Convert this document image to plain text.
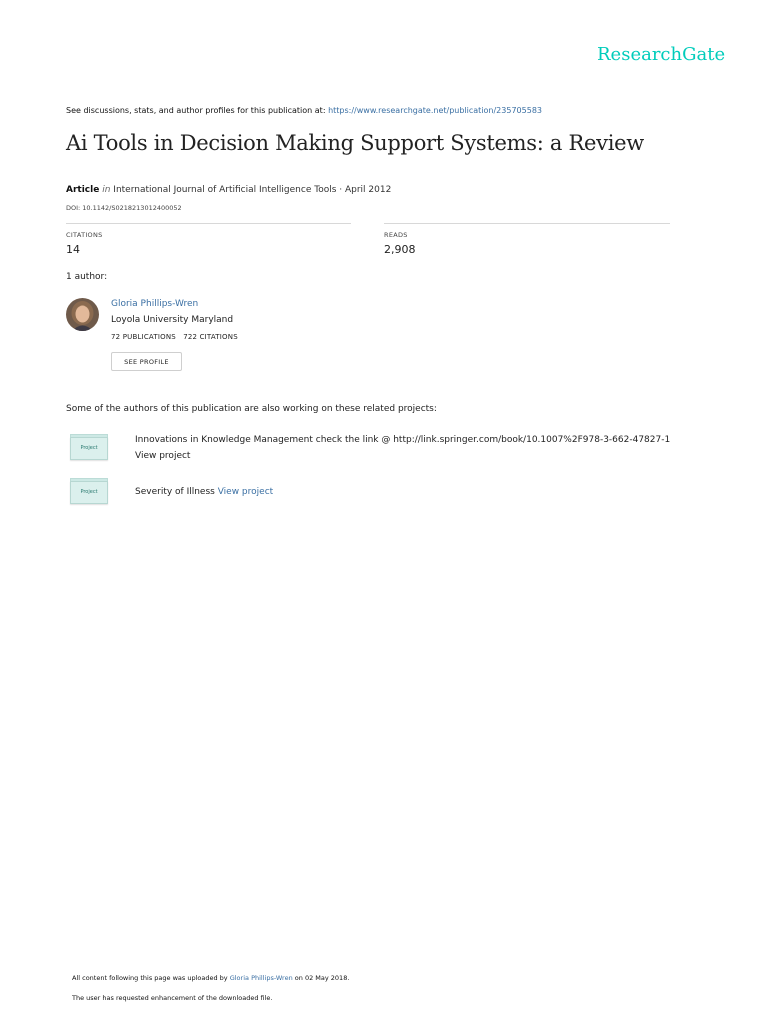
ResearchGate
See discussions, stats, and author profiles for this publication at: https://www.researchgate.net/publication/235705583
Ai Tools in Decision Making Support Systems: a Review
Article in International Journal of Artificial Intelligence Tools · April 2012
DOI: 10.1142/S0218213012400052
CITATIONS
14
READS
2,908
1 author:
Gloria Phillips-Wren
Loyola University Maryland
72 PUBLICATIONS 722 CITATIONS
SEE PROFILE
Some of the authors of this publication are also working on these related projects:
Project
Innovations in Knowledge Management check the link @ http://link.springer.com/book/10.1007%2F978-3-662-47827-1
View project
Project	Severity of Illness View project
All content following this page was uploaded by Gloria Phillips-Wren on 02 May 2018.
The user has requested enhancement of the downloaded file.
